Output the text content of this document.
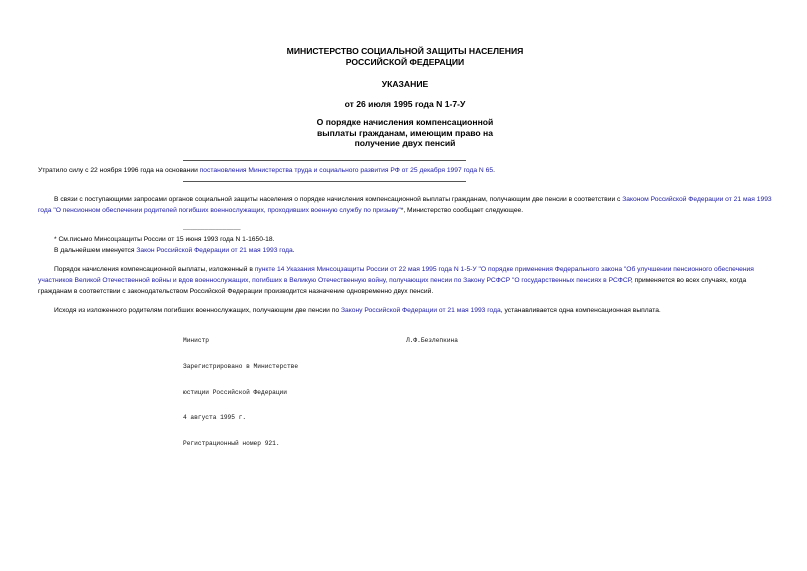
МИНИСТЕРСТВО СОЦИАЛЬНОЙ ЗАЩИТЫ НАСЕЛЕНИЯ
РОССИЙСКОЙ ФЕДЕРАЦИИ
УКАЗАНИЕ
от 26 июля 1995 года N 1-7-У
О порядке начисления компенсационной
выплаты гражданам, имеющим право на
получение двух пенсий
Утратило силу с 22 ноября 1996 года на основании постановления Министерства труда и социального развития РФ от 25 декабря 1997 года N 65.
В связи с поступающими запросами органов социальной защиты населения о порядке начисления компенсационной выплаты гражданам, получающим две пенсии в соответствии с Законом Российской Федерации от 21 мая 1993 года "О пенсионном обеспечении родителей погибших военнослужащих, проходивших военную службу по призыву"*, Министерство сообщает следующее.
________________
* См.письмо Минсоцзащиты России от 15 июня 1993 года N 1-1650-18.
В дальнейшем именуется Закон Российской Федерации от 21 мая 1993 года.
Порядок начисления компенсационной выплаты, изложенный в пункте 14 Указания Минсоцзащиты России от 22 мая 1995 года N 1-5-У "О порядке применения Федерального закона "Об улучшении пенсионного обеспечения участников Великой Отечественной войны и вдов военнослужащих, погибших в Великую Отечественную войну, получающих пенсии по Закону РСФСР "О государственных пенсиях в РСФСР, применяется во всех случаях, когда гражданам в соответствии с законодательством Российской Федерации производится назначение одновременно двух пенсий.
Исходя из изложенного родителям погибших военнослужащих, получающим две пенсии по Закону Российской Федерации от 21 мая 1993 года, устанавливается одна компенсационная выплата.
Министр	Л.Ф.Безлепкина

Зарегистрировано в Министерстве

юстиции Российской Федерации

4 августа 1995 г.

Регистрационный номер 921.
